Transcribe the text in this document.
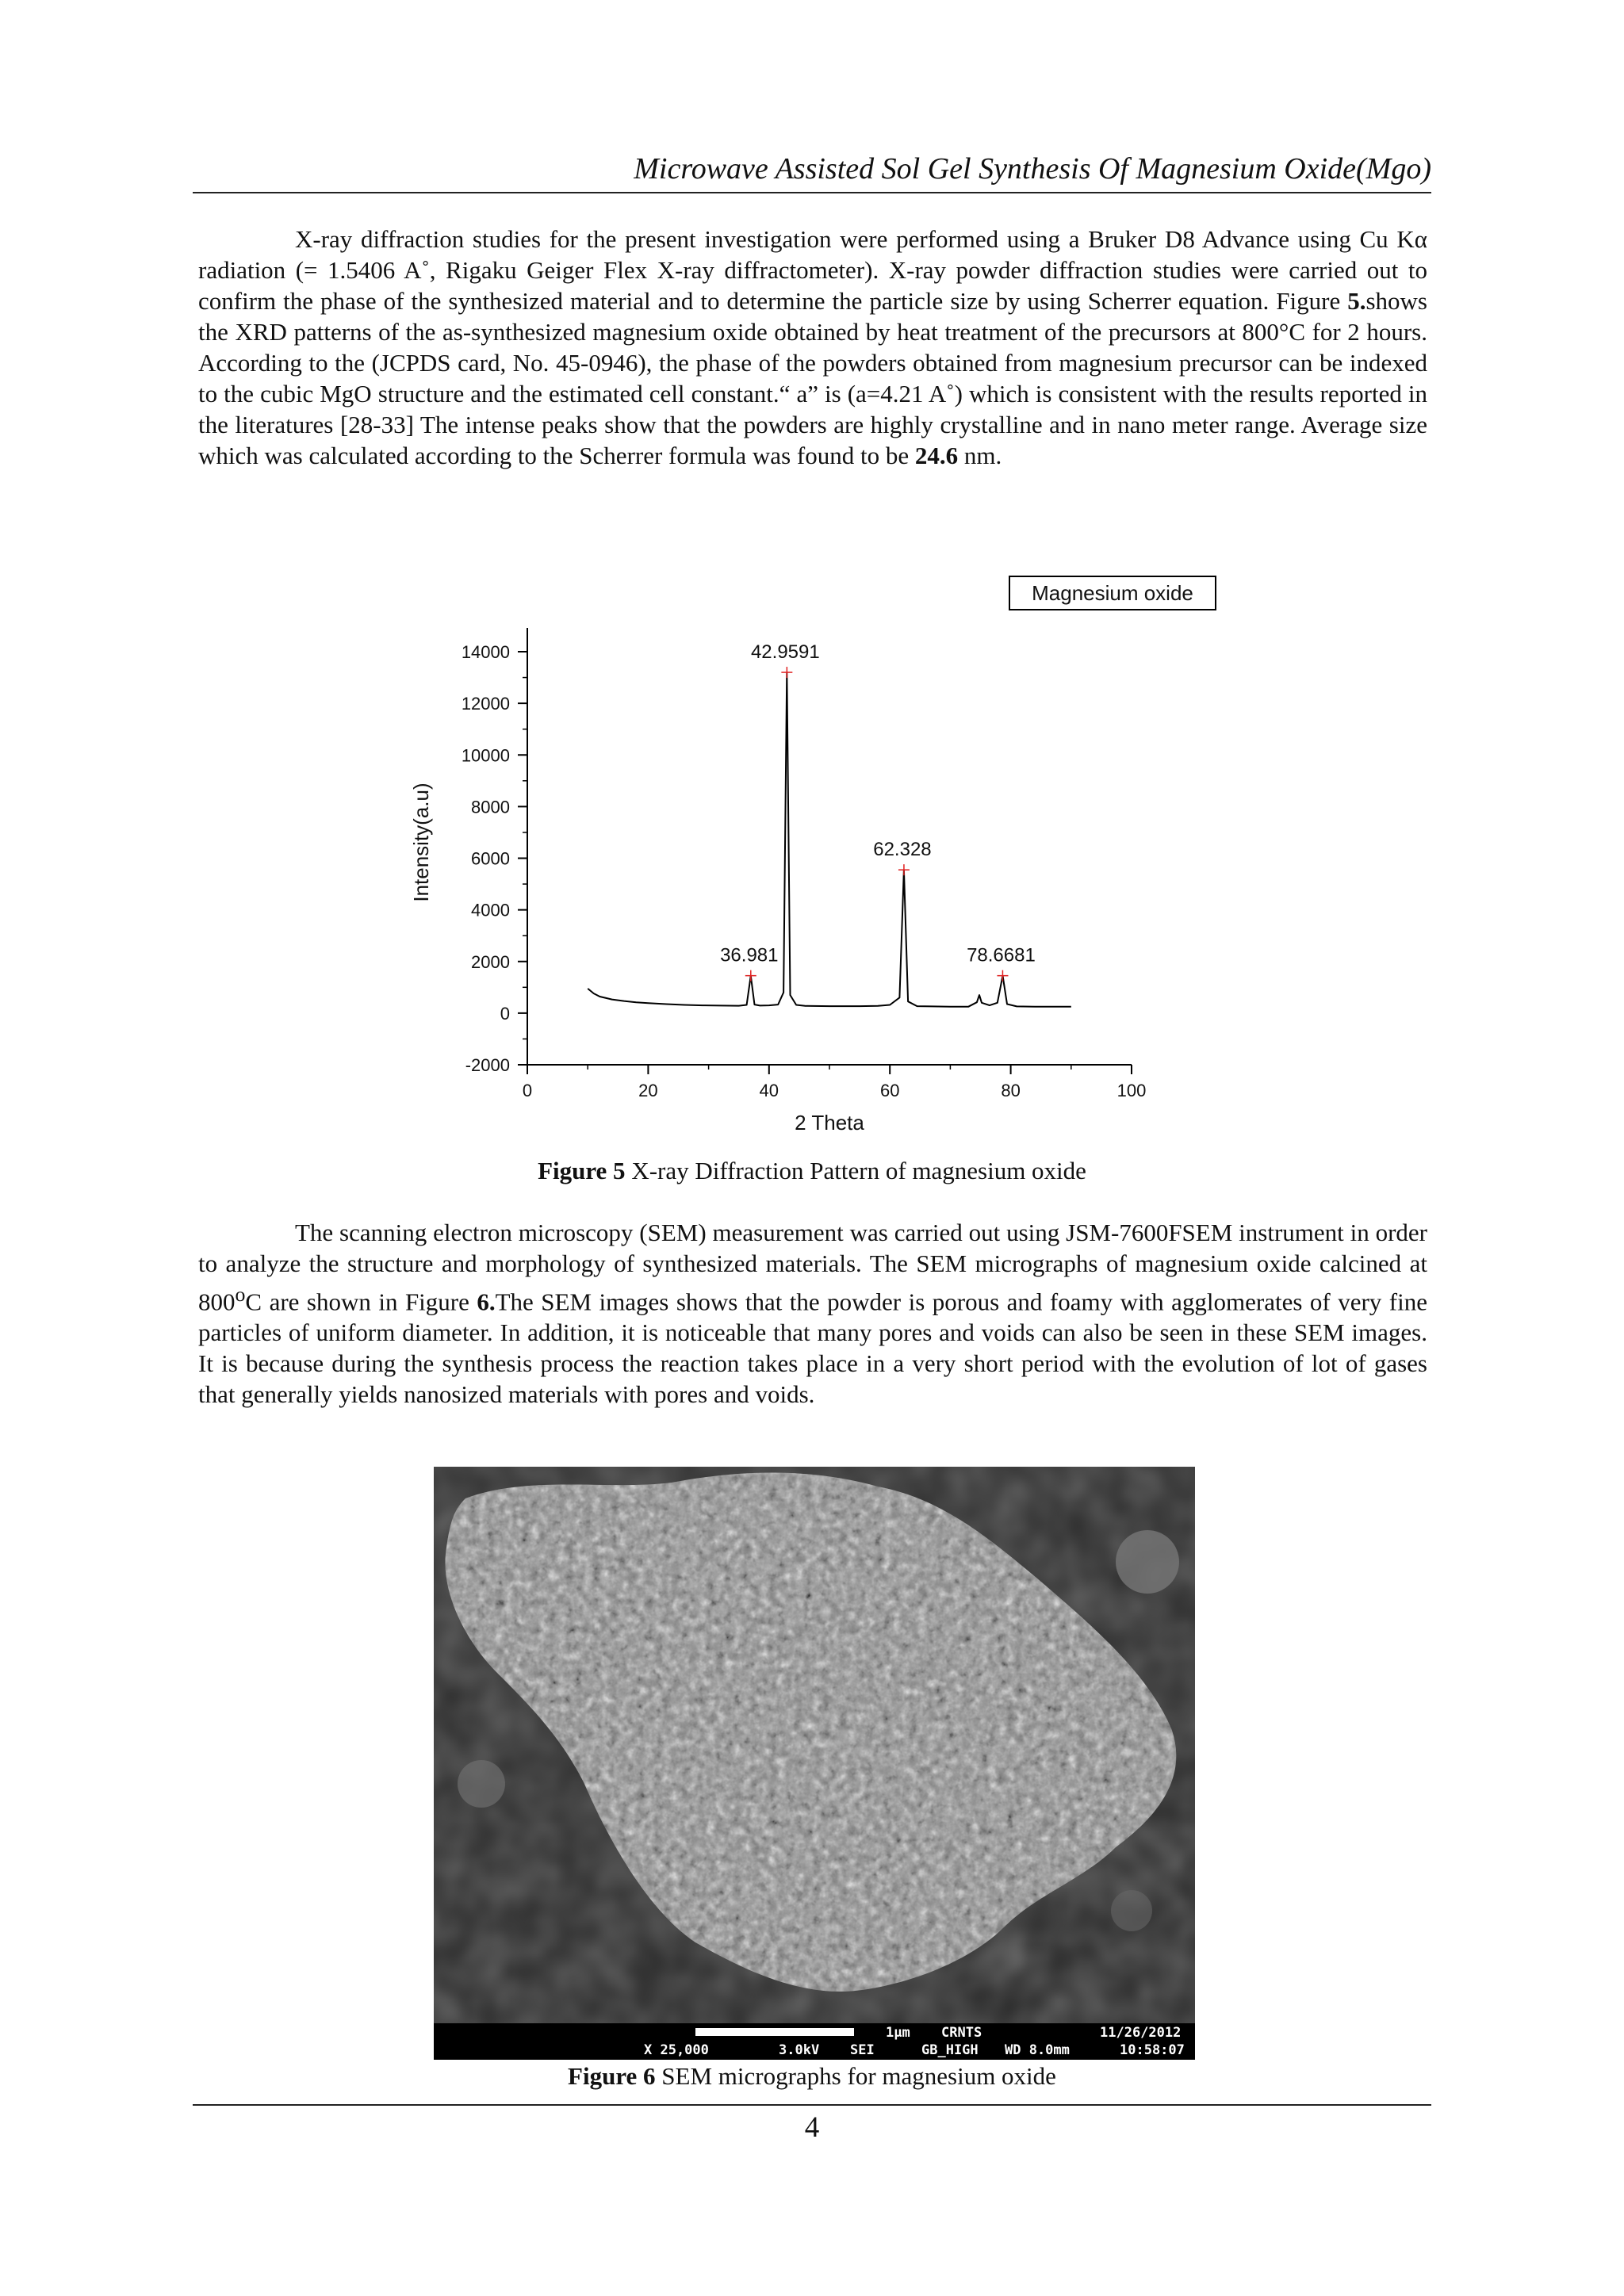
Microwave Assisted Sol Gel Synthesis Of Magnesium Oxide(Mgo)

X-ray diffraction studies for the present investigation were performed using a Bruker D8 Advance using Cu Kα radiation (= 1.5406 A˚, Rigaku Geiger Flex X-ray diffractometer). X-ray powder diffraction studies were carried out to confirm the phase of the synthesized material and to determine the particle size by using Scherrer equation. Figure 5.shows the XRD patterns of the as-synthesized magnesium oxide obtained by heat treatment of the precursors at 800°C for 2 hours. According to the (JCPDS card, No. 45-0946), the phase of the powders obtained from magnesium precursor can be indexed to the cubic MgO structure and the estimated cell constant.“ a” is (a=4.21 A˚) which is consistent with the results reported in the literatures [28-33] The intense peaks show that the powders are highly crystalline and in nano meter range. Average size which was calculated according to the Scherrer formula was found to be 24.6 nm.

-2000
0
2000
4000
6000
8000
10000
12000
14000
0	20	40	60	80	100
36.981
42.9591
62.328
78.6681
2 Theta
Intensity(a.u)
Magnesium oxide
Figure 5 X-ray Diffraction Pattern of magnesium oxide

The scanning electron microscopy (SEM) measurement was carried out using JSM-7600FSEM instrument in order to analyze the structure and morphology of synthesized materials. The SEM micrographs of magnesium oxide calcined at 800$^o$C are shown in Figure 6.The SEM images shows that the powder is porous and foamy with agglomerates of very fine particles of uniform diameter. In addition, it is noticeable that many pores and voids can also be seen in these SEM images. It is because during the synthesis process the reaction takes place in a very short period with the evolution of lot of gases that generally yields nanosized materials with pores and voids.

1μm CRNTS	11/26/2012
X 25,000	3.0kV SEI	GB_HIGH WD 8.0mm	10:58:07
Figure 6 SEM micrographs for magnesium oxide
4
